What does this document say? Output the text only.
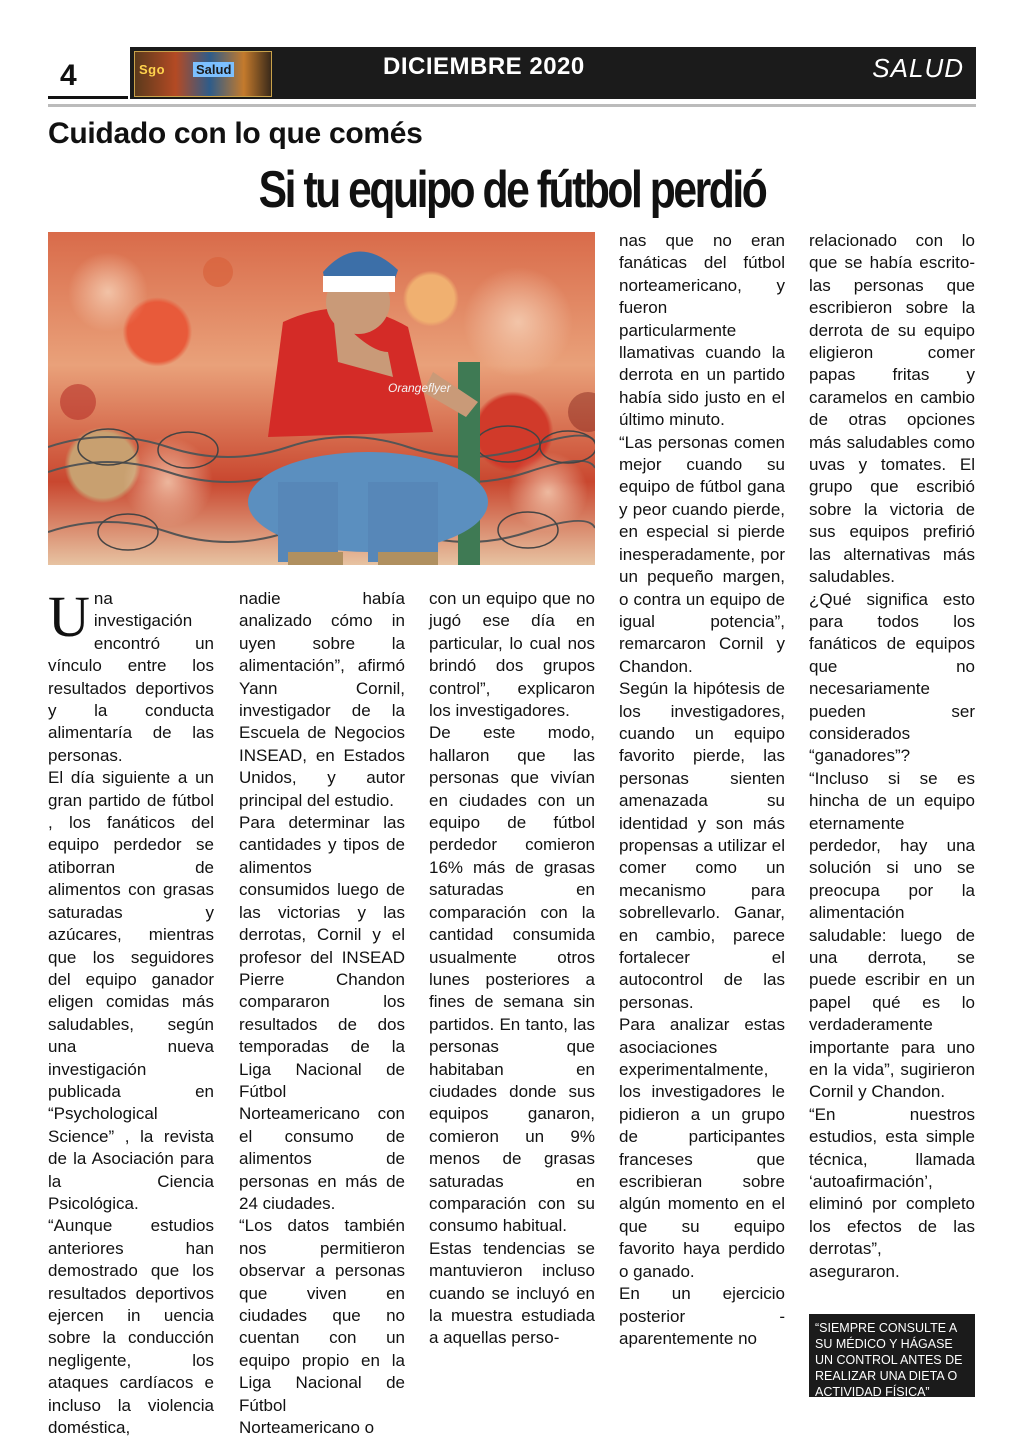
4	Sgo Salud	DICIEMBRE 2020	SALUD
Cuidado con lo que comés
Si tu equipo de fútbol perdió
Orangeflyer

Una investigación encontró un vínculo entre los resultados deportivos y la conducta alimentaría de las personas.

El día siguiente a un gran partido de fútbol , los fanáticos del equipo perdedor se atiborran de alimentos con grasas saturadas y azúcares, mientras que los seguidores del equipo ganador eligen comidas más saludables, según una nueva investigación publicada en “Psychological Science” , la revista de la Asociación para la Ciencia Psicológica.

“Aunque estudios anteriores han demostrado que los resultados deportivos ejercen in uencia sobre la conducción negligente, los ataques cardíacos e incluso la violencia doméstica,

nadie había analizado cómo in uyen sobre la alimentación”, afirmó Yann Cornil, investigador de la Escuela de Negocios INSEAD, en Estados Unidos, y autor principal del estudio.

Para determinar las cantidades y tipos de alimentos consumidos luego de las victorias y las derrotas, Cornil y el profesor del INSEAD Pierre Chandon compararon los resultados de dos temporadas de la Liga Nacional de Fútbol Norteamericano con el consumo de alimentos de personas en más de 24 ciudades.

“Los datos también nos permitieron observar a personas que viven en ciudades que no cuentan con un equipo propio en la Liga Nacional de Fútbol Norteamericano o

con un equipo que no jugó ese día en particular, lo cual nos brindó dos grupos control”, explicaron los investigadores.

De este modo, hallaron que las personas que vivían en ciudades con un equipo de fútbol perdedor comieron 16% más de grasas saturadas en comparación con la cantidad consumida usualmente otros lunes posteriores a fines de semana sin partidos. En tanto, las personas que habitaban en ciudades donde sus equipos ganaron, comieron un 9% menos de grasas saturadas en comparación con su consumo habitual.

Estas tendencias se mantuvieron incluso cuando se incluyó en la muestra estudiada a aquellas perso-

nas que no eran fanáticas del fútbol norteamericano, y fueron particularmente llamativas cuando la derrota en un partido había sido justo en el último minuto.

“Las personas comen mejor cuando su equipo de fútbol gana y peor cuando pierde, en especial si pierde inesperadamente, por un pequeño margen, o contra un equipo de igual potencia”, remarcaron Cornil y Chandon.

Según la hipótesis de los investigadores, cuando un equipo favorito pierde, las personas sienten amenazada su identidad y son más propensas a utilizar el comer como un mecanismo para sobrellevarlo. Ganar, en cambio, parece fortalecer el autocontrol de las personas.

Para analizar estas asociaciones experimentalmente, los investigadores le pidieron a un grupo de participantes franceses que escribieran sobre algún momento en el que su equipo favorito haya perdido o ganado.

En un ejercicio posterior -aparentemente no

relacionado con lo que se había escrito- las personas que escribieron sobre la derrota de su equipo eligieron comer papas fritas y caramelos en cambio de otras opciones más saludables como uvas y tomates. El grupo que escribió sobre la victoria de sus equipos prefirió las alternativas más saludables.

¿Qué significa esto para todos los fanáticos de equipos que no necesariamente pueden ser considerados “ganadores”?

“Incluso si se es hincha de un equipo eternamente perdedor, hay una solución si uno se preocupa por la alimentación saludable: luego de una derrota, se puede escribir en un papel qué es lo verdaderamente importante para uno en la vida”, sugirieron Cornil y Chandon.

“En nuestros estudios, esta simple técnica, llamada ‘autoafirmación’, eliminó por completo los efectos de las derrotas”, aseguraron.

“SIEMPRE CONSULTE A SU MÉDICO Y HÁGASE UN CONTROL ANTES DE REALIZAR UNA DIETA O ACTIVIDAD FÍSICA”
